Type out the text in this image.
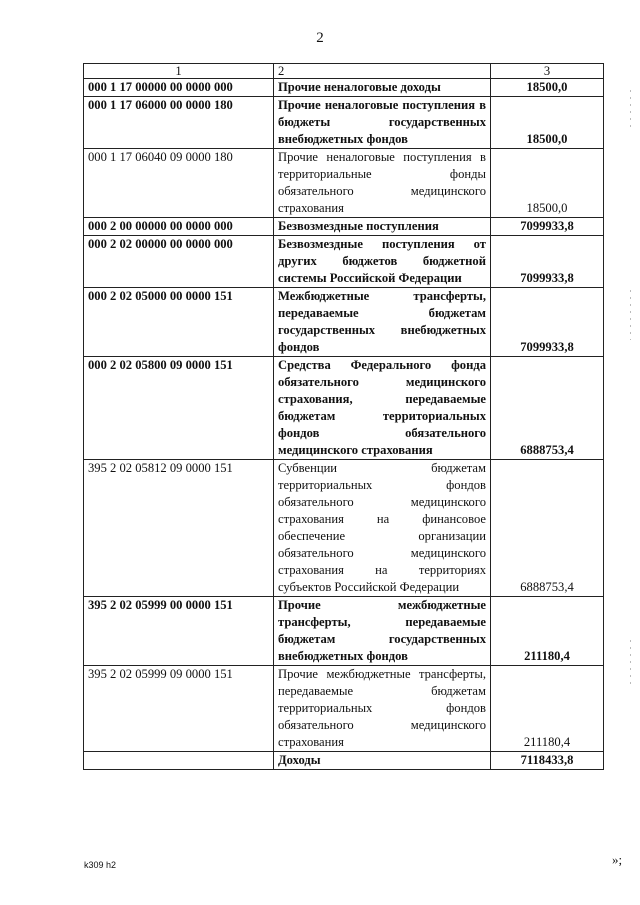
2
1	2	3
000 1 17 00000 00 0000 000	Прочие неналоговые доходы	18500,0
000 1 17 06000 00 0000 180	Прочие неналоговые поступления в бюджеты государственных внебюджетных фондов	18500,0
000 1 17 06040 09 0000 180	Прочие неналоговые поступления в территориальные фонды обязательного медицинского страхования	18500,0
000 2 00 00000 00 0000 000	Безвозмездные поступления	7099933,8
000 2 02 00000 00 0000 000	Безвозмездные поступления от других бюджетов бюджетной системы Российской Федерации	7099933,8
000 2 02 05000 00 0000 151	Межбюджетные трансферты, передаваемые бюджетам государственных внебюджетных фондов	7099933,8
000 2 02 05800 09 0000 151	Средства Федерального фонда обязательного медицинского страхования, передаваемые бюджетам территориальных фондов обязательного медицинского страхования	6888753,4
395 2 02 05812 09 0000 151	Субвенции бюджетам территориальных фондов обязательного медицинского страхования на финансовое обеспечение организации обязательного медицинского страхования на территориях субъектов Российской Федерации	6888753,4
395 2 02 05999 00 0000 151	Прочие межбюджетные трансферты, передаваемые бюджетам государственных внебюджетных фондов	211180,4
395 2 02 05999 09 0000 151	Прочие межбюджетные трансферты, передаваемые бюджетам территориальных фондов обязательного медицинского страхования	211180,4
	Доходы	7118433,8
»;
k309 h2
